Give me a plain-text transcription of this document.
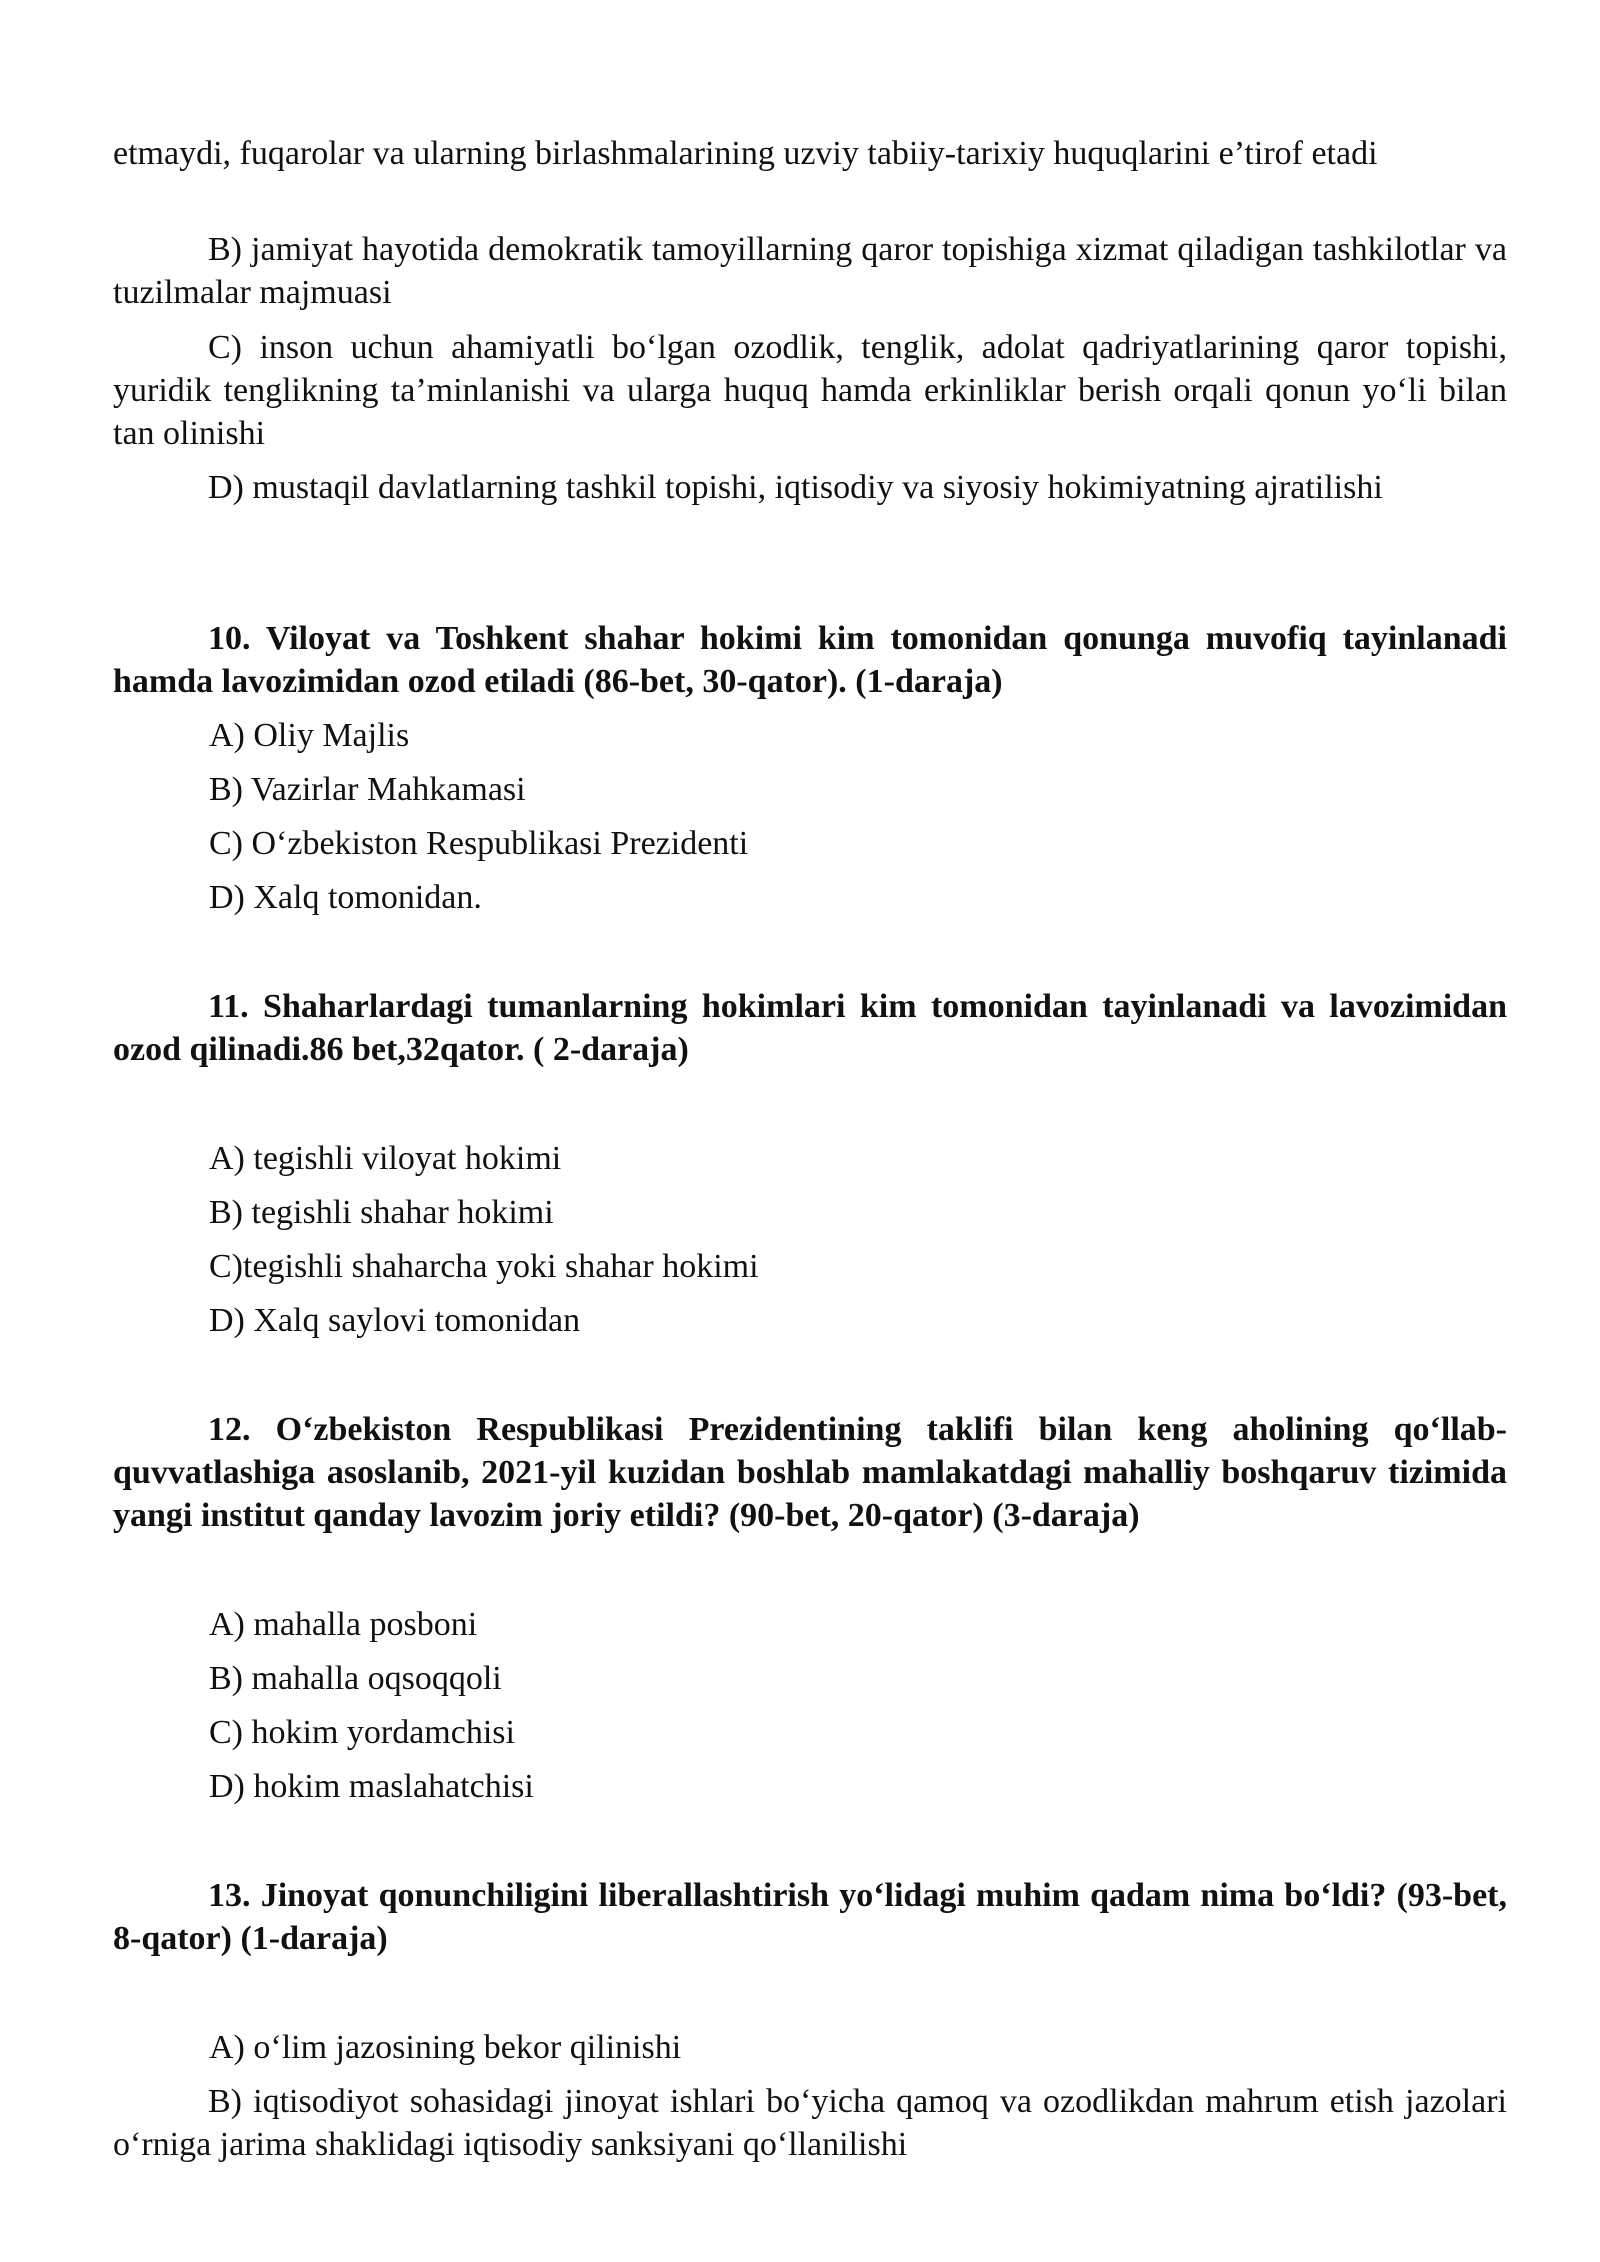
etmaydi, fuqarolar va ularning birlashmalarining uzviy tabiiy-tarixiy huquqlarini e’tirof etadi

B) jamiyat hayotida demokratik tamoyillarning qaror topishiga xizmat qiladigan tashkilotlar va tuzilmalar majmuasi

C) inson uchun ahamiyatli bo‘lgan ozodlik, tenglik, adolat qadriyatlarining qaror topishi, yuridik tenglikning ta’minlanishi va ularga huquq hamda erkinliklar berish orqali qonun yo‘li bilan tan olinishi

D) mustaqil davlatlarning tashkil topishi, iqtisodiy va siyosiy hokimiyatning ajratilishi

10. Viloyat va Toshkent shahar hokimi kim tomonidan qonunga muvofiq tayinlanadi hamda lavozimidan ozod etiladi (86-bet, 30-qator). (1-daraja)

A) Oliy Majlis

B) Vazirlar Mahkamasi

C) O‘zbekiston Respublikasi Prezidenti

D) Xalq tomonidan.

11. Shaharlardagi tumanlarning hokimlari kim tomonidan tayinlanadi va lavozimidan ozod qilinadi.86 bet,32qator. ( 2-daraja)

A) tegishli viloyat hokimi

B) tegishli shahar hokimi

C)tegishli shaharcha yoki shahar hokimi

D) Xalq saylovi tomonidan

12. O‘zbekiston Respublikasi Prezidentining taklifi bilan keng aholining qo‘llab-quvvatlashiga asoslanib, 2021-yil kuzidan boshlab mamlakatdagi mahalliy boshqaruv tizimida yangi institut qanday lavozim joriy etildi? (90-bet, 20-qator) (3-daraja)

A) mahalla posboni

B) mahalla oqsoqqoli

C) hokim yordamchisi

D) hokim maslahatchisi

13. Jinoyat qonunchiligini liberallashtirish yo‘lidagi muhim qadam nima bo‘ldi? (93-bet, 8-qator) (1-daraja)

A) o‘lim jazosining bekor qilinishi

B) iqtisodiyot sohasidagi jinoyat ishlari bo‘yicha qamoq va ozodlikdan mahrum etish jazolari o‘rniga jarima shaklidagi iqtisodiy sanksiyani qo‘llanilishi
